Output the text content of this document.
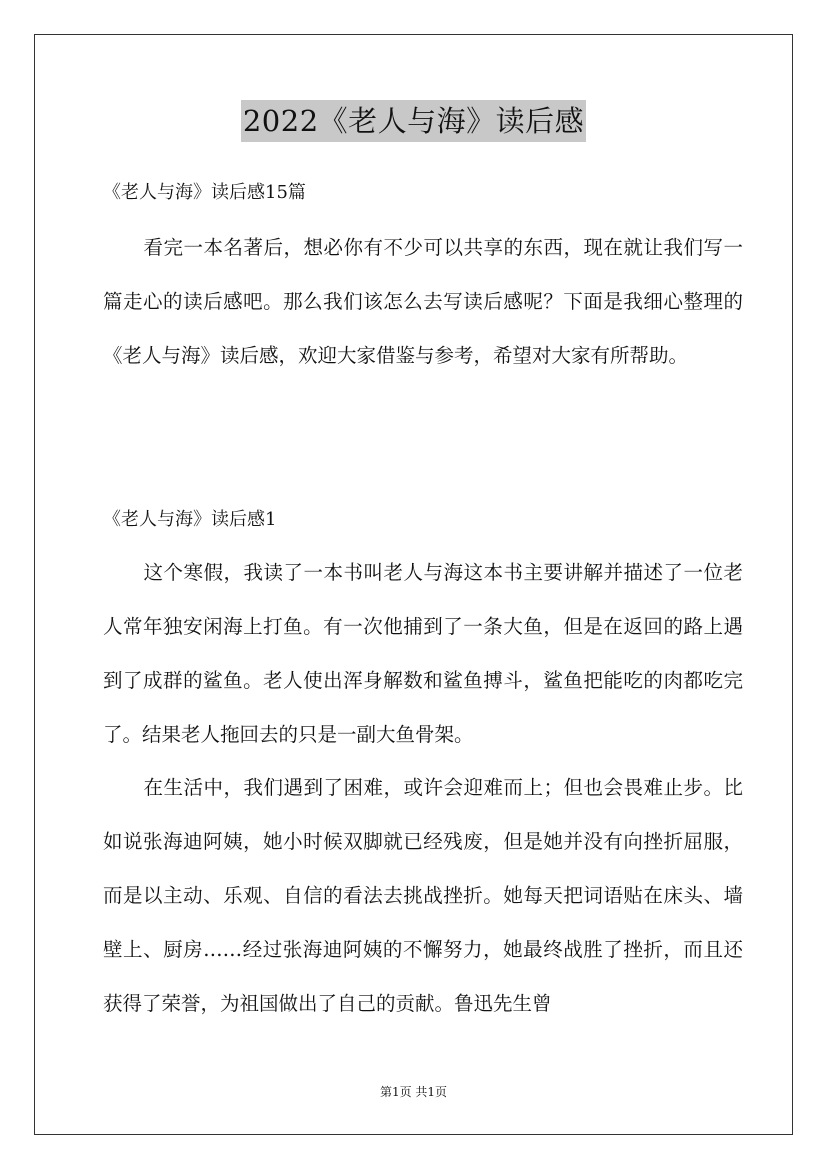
2022《老人与海》读后感
《老人与海》读后感15篇
看完一本名著后，想必你有不少可以共享的东西，现在就让我们写一篇走心的读后感吧。那么我们该怎么去写读后感呢？下面是我细心整理的《老人与海》读后感，欢迎大家借鉴与参考，希望对大家有所帮助。
《老人与海》读后感1
这个寒假，我读了一本书叫老人与海这本书主要讲解并描述了一位老人常年独安闲海上打鱼。有一次他捕到了一条大鱼，但是在返回的路上遇到了成群的鲨鱼。老人使出浑身解数和鲨鱼搏斗，鲨鱼把能吃的肉都吃完了。结果老人拖回去的只是一副大鱼骨架。
在生活中，我们遇到了困难，或许会迎难而上；但也会畏难止步。比如说张海迪阿姨，她小时候双脚就已经残废，但是她并没有向挫折屈服，而是以主动、乐观、自信的看法去挑战挫折。她每天把词语贴在床头、墙壁上、厨房……经过张海迪阿姨的不懈努力，她最终战胜了挫折，而且还获得了荣誉，为祖国做出了自己的贡献。鲁迅先生曾
第1页 共1页
